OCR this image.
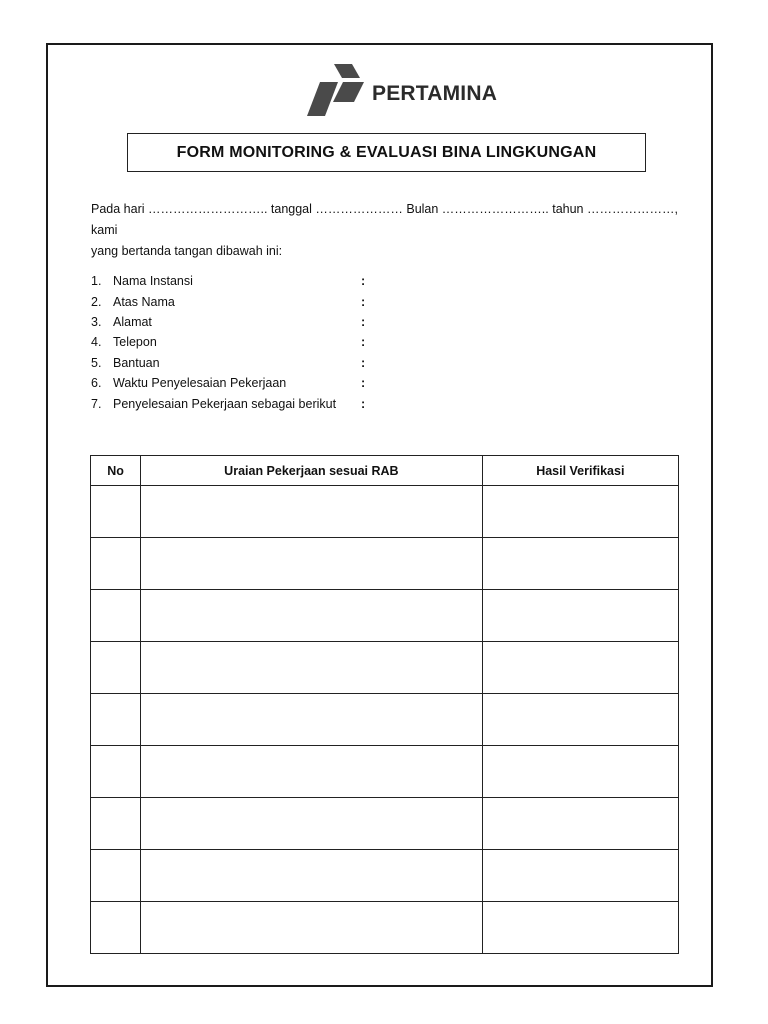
PERTAMINA
FORM MONITORING & EVALUASI BINA LINGKUNGAN
Pada hari ……………………….. tanggal ………………… Bulan …………………….. tahun …………………, kami
yang bertanda tangan dibawah ini:
1. Nama Instansi	:
2. Atas Nama	:
3. Alamat	:
4. Telepon	:
5. Bantuan	:
6. Waktu Penyelesaian Pekerjaan	:
7. Penyelesaian Pekerjaan sebagai berikut	:
No	Uraian Pekerjaan sesuai RAB	Hasil Verifikasi
